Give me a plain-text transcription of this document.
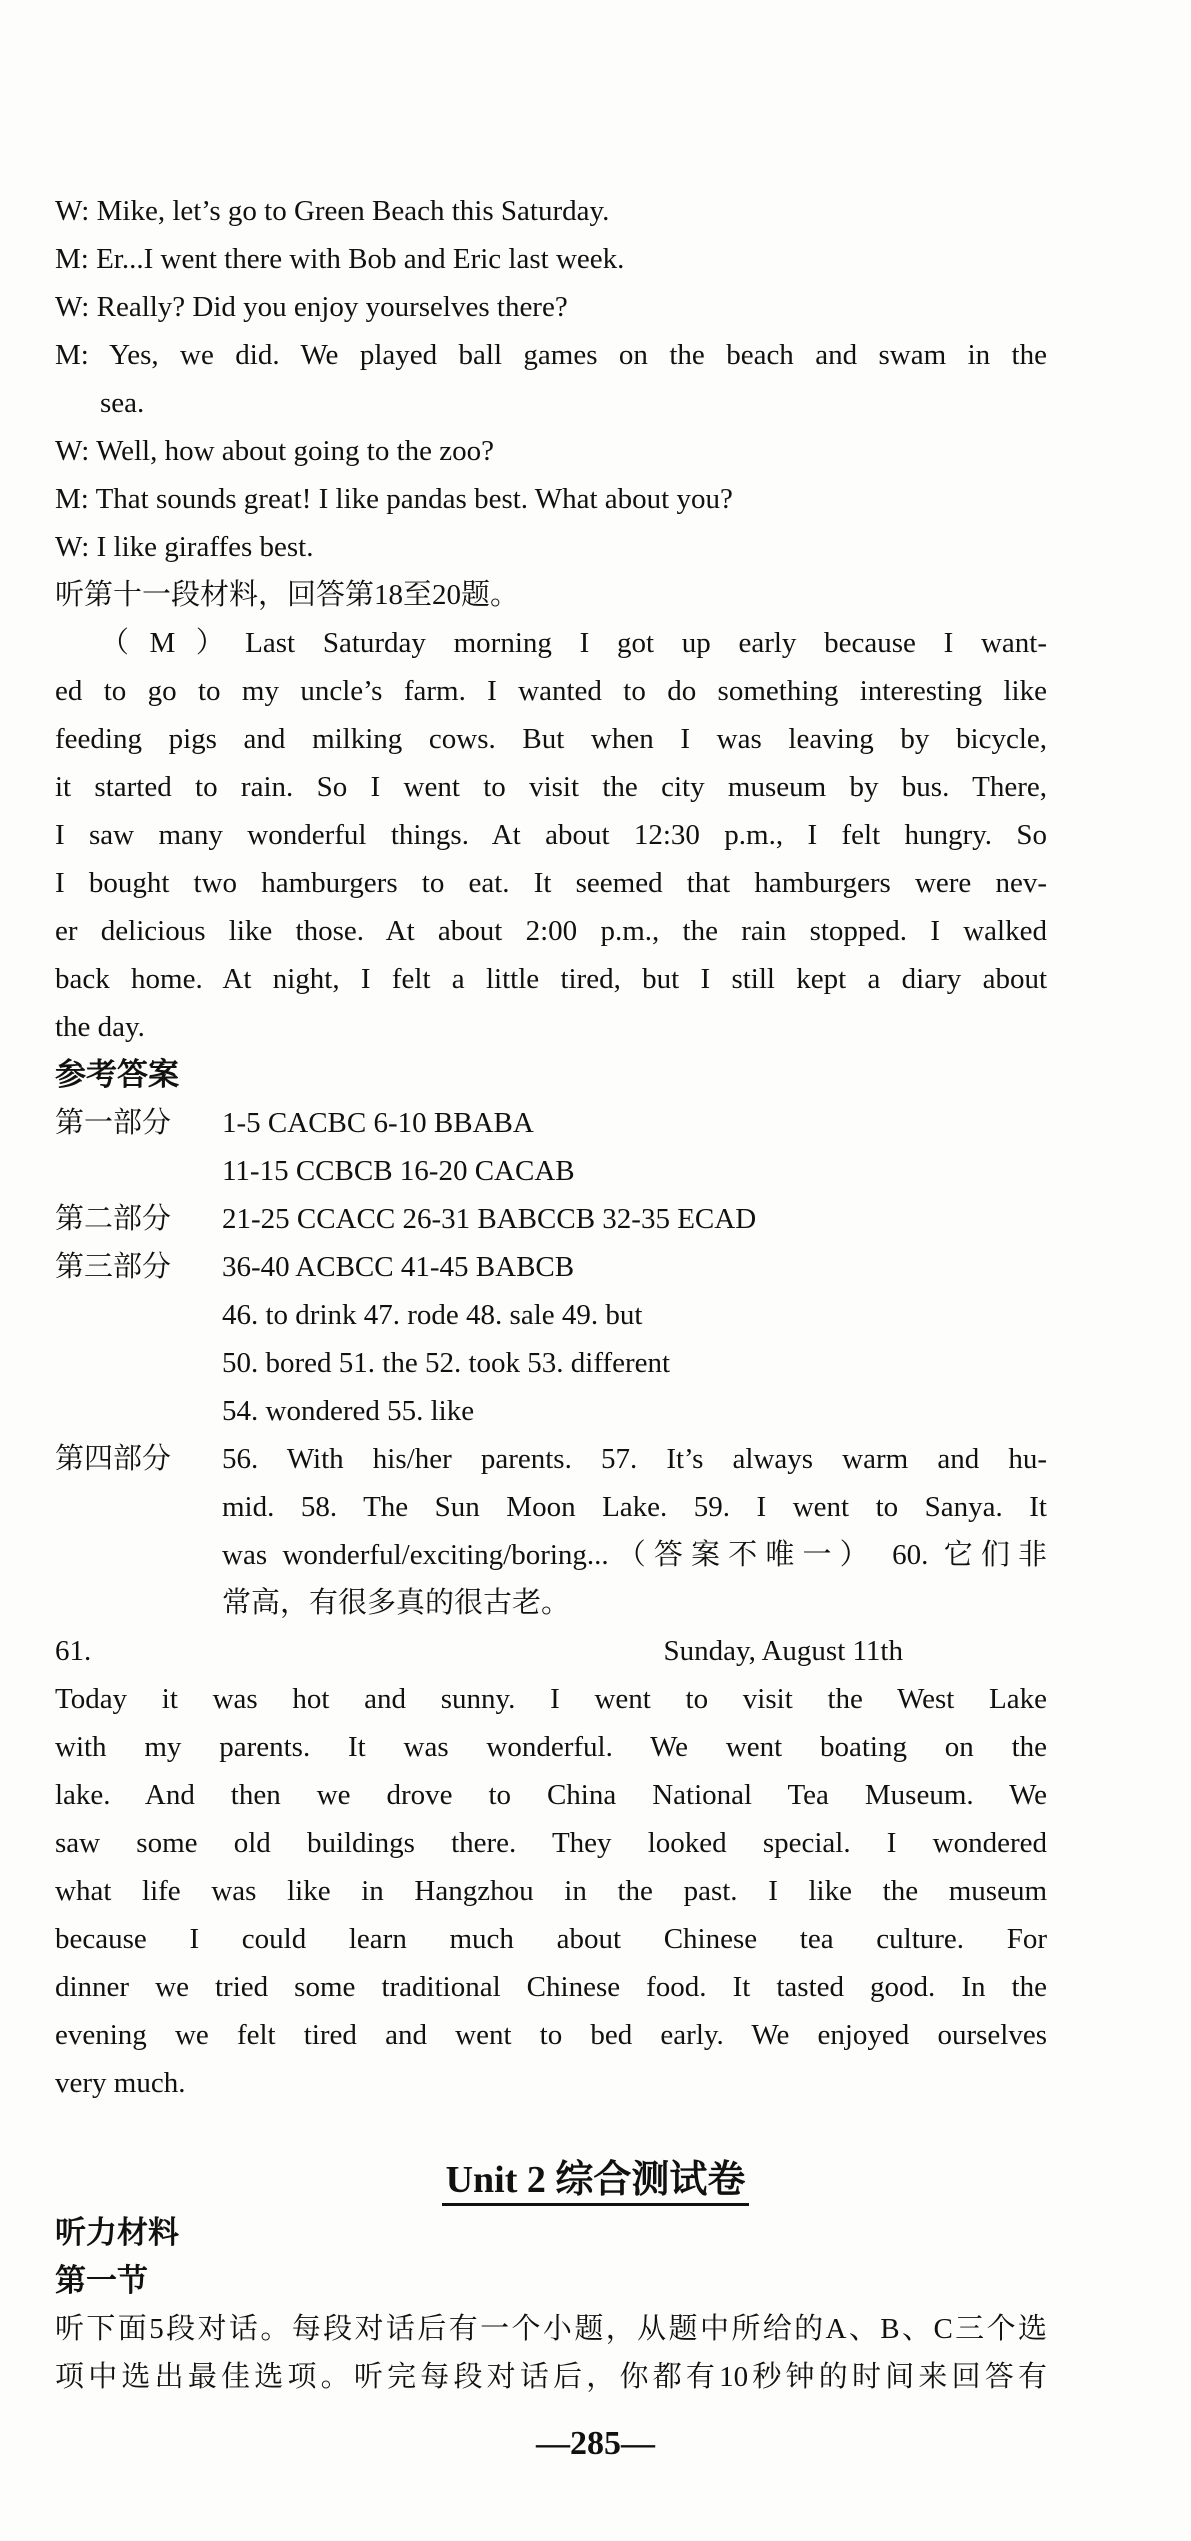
W: Mike, let’s go to Green Beach this Saturday.
M: Er...I went there with Bob and Eric last week.
W: Really? Did you enjoy yourselves there?
M: Yes, we did. We played ball games on the beach and swam in the
sea.
W: Well, how about going to the zoo?
M: That sounds great! I like pandas best. What about you?
W: I like giraffes best.
听第十一段材料，回答第18至20题。
（M）Last Saturday morning I got up early because I want-
ed to go to my uncle’s farm. I wanted to do something interesting like
feeding pigs and milking cows. But when I was leaving by bicycle,
it started to rain. So I went to visit the city museum by bus. There,
I saw many wonderful things. At about 12:30 p.m., I felt hungry. So
I bought two hamburgers to eat. It seemed that hamburgers were nev-
er delicious like those. At about 2:00 p.m., the rain stopped. I walked
back home. At night, I felt a little tired, but I still kept a diary about
the day.
参考答案
第一部分 1-5 CACBC 6-10 BBABA
11-15 CCBCB 16-20 CACAB
第二部分 21-25 CCACC 26-31 BABCCB 32-35 ECAD
第三部分 36-40 ACBCC 41-45 BABCB
46. to drink 47. rode 48. sale 49. but
50. bored 51. the 52. took 53. different
54. wondered 55. like
第四部分	56. With his/her parents. 57. It’s always warm and hu-
mid. 58. The Sun Moon Lake. 59. I went to Sanya. It
was wonderful/exciting/boring...（答案不唯一） 60. 它们非
常高，有很多真的很古老。
61.	Sunday, August 11th
Today it was hot and sunny. I went to visit the West Lake
with my parents. It was wonderful. We went boating on the
lake. And then we drove to China National Tea Museum. We
saw some old buildings there. They looked special. I wondered
what life was like in Hangzhou in the past. I like the museum
because I could learn much about Chinese tea culture. For
dinner we tried some traditional Chinese food. It tasted good. In the
evening we felt tired and went to bed early. We enjoyed ourselves
very much.
Unit 2 综合测试卷
听力材料
第一节
听下面5段对话。每段对话后有一个小题，从题中所给的A、B、C三个选
项中选出最佳选项。听完每段对话后，你都有10秒钟的时间来回答有
—285—
